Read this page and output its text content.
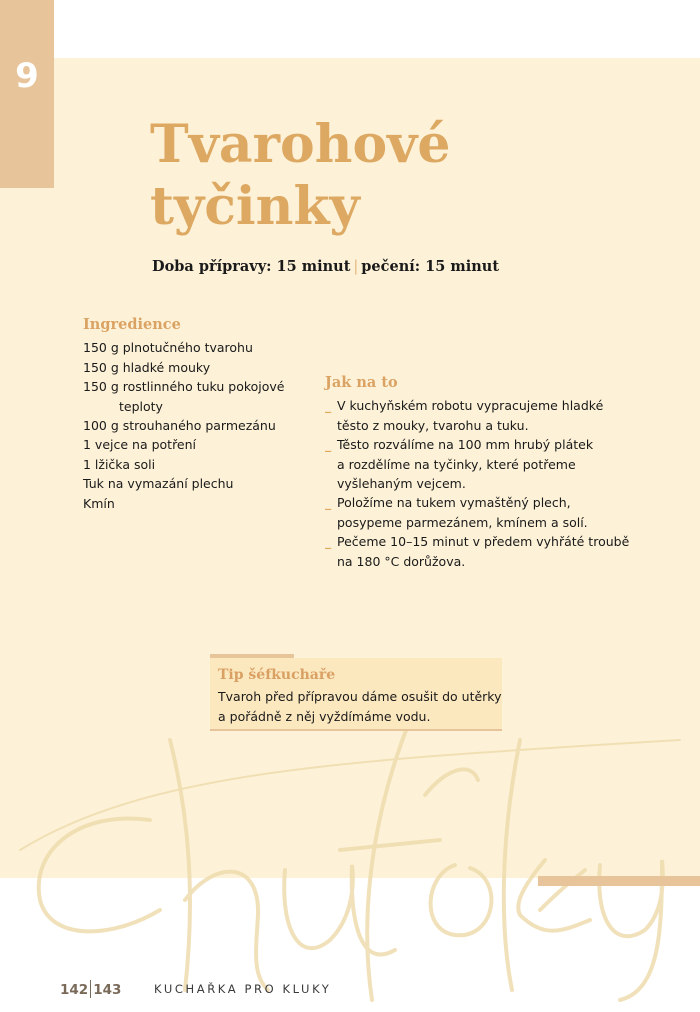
9
Tvarohové
tyčinky
Doba přípravy: 15 minut | pečení: 15 minut
Ingredience
150 g plnotučného tvarohu
150 g hladké mouky
150 g rostlinného tuku pokojové
teploty
100 g strouhaného parmezánu
1 vejce na potření
1 lžička soli
Tuk na vymazání plechu
Kmín
Jak na to
_ V kuchyňském robotu vypracujeme hladké
těsto z mouky, tvarohu a tuku.
_ Těsto rozválíme na 100 mm hrubý plátek
a rozdělíme na tyčinky, které potřeme
vyšlehaným vejcem.
_ Položíme na tukem vymaštěný plech,
posypeme parmezánem, kmínem a solí.
_ Pečeme 10–15 minut v předem vyhřáté troubě
na 180 °C dorůžova.
Tip šéfkuchaře
Tvaroh před přípravou dáme osušit do utěrky
a pořádně z něj vyždímáme vodu.
142 143	KUCHAŘKA PRO KLUKY
